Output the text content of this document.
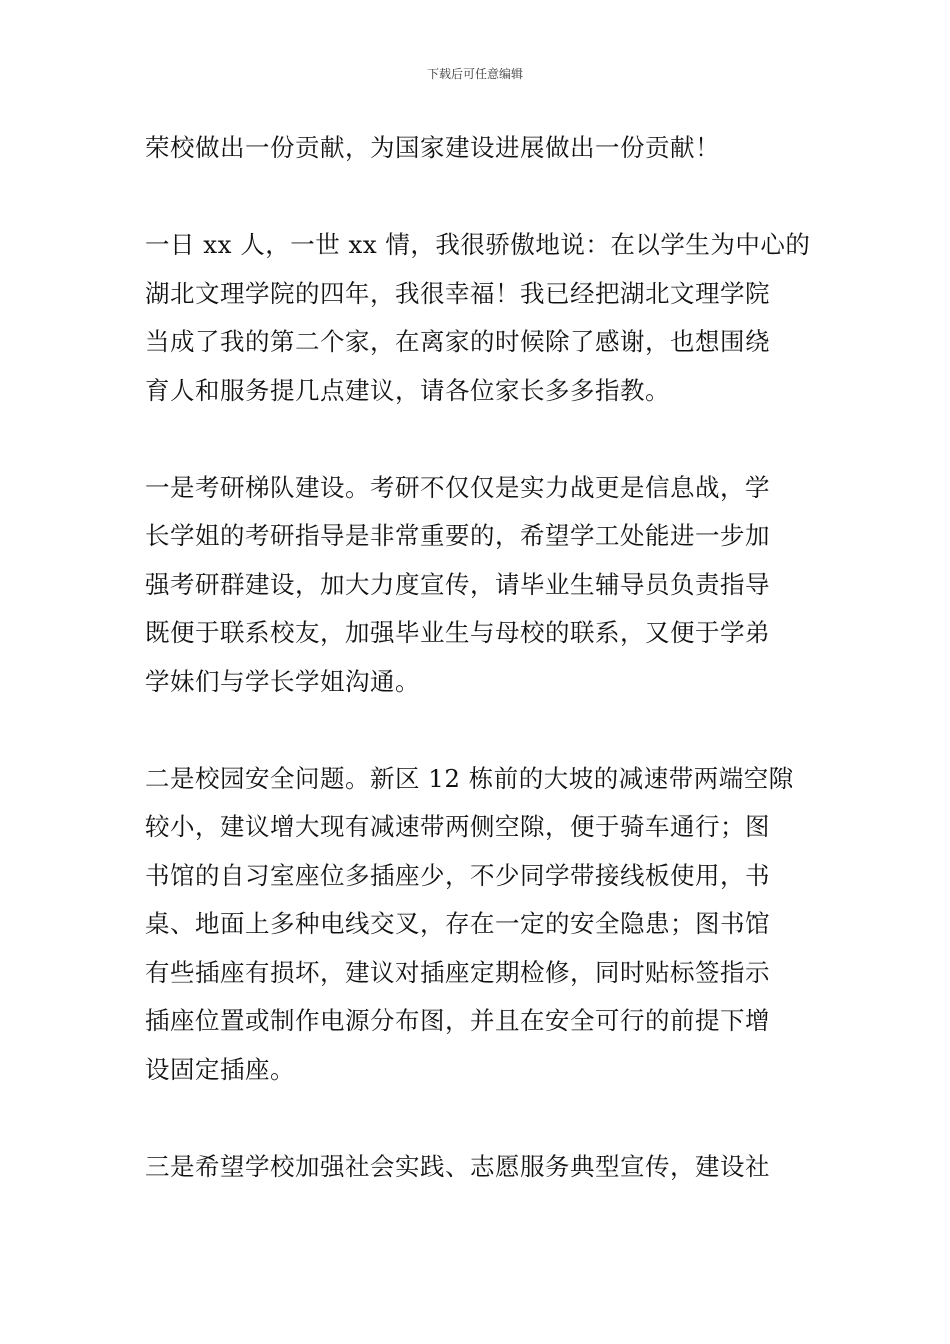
下载后可任意编辑

荣校做出一份贡献，为国家建设进展做出一份贡献！

一日 xx 人，一世 xx 情，我很骄傲地说：在以学生为中心的
湖北文理学院的四年，我很幸福！我已经把湖北文理学院
当成了我的第二个家，在离家的时候除了感谢，也想围绕
育人和服务提几点建议，请各位家长多多指教。

一是考研梯队建设。考研不仅仅是实力战更是信息战，学
长学姐的考研指导是非常重要的，希望学工处能进一步加
强考研群建设，加大力度宣传，请毕业生辅导员负责指导
既便于联系校友，加强毕业生与母校的联系，又便于学弟
学妹们与学长学姐沟通。

二是校园安全问题。新区 12 栋前的大坡的减速带两端空隙
较小，建议增大现有减速带两侧空隙，便于骑车通行；图
书馆的自习室座位多插座少，不少同学带接线板使用，书
桌、地面上多种电线交叉，存在一定的安全隐患；图书馆
有些插座有损坏，建议对插座定期检修，同时贴标签指示
插座位置或制作电源分布图，并且在安全可行的前提下增
设固定插座。

三是希望学校加强社会实践、志愿服务典型宣传，建设社
